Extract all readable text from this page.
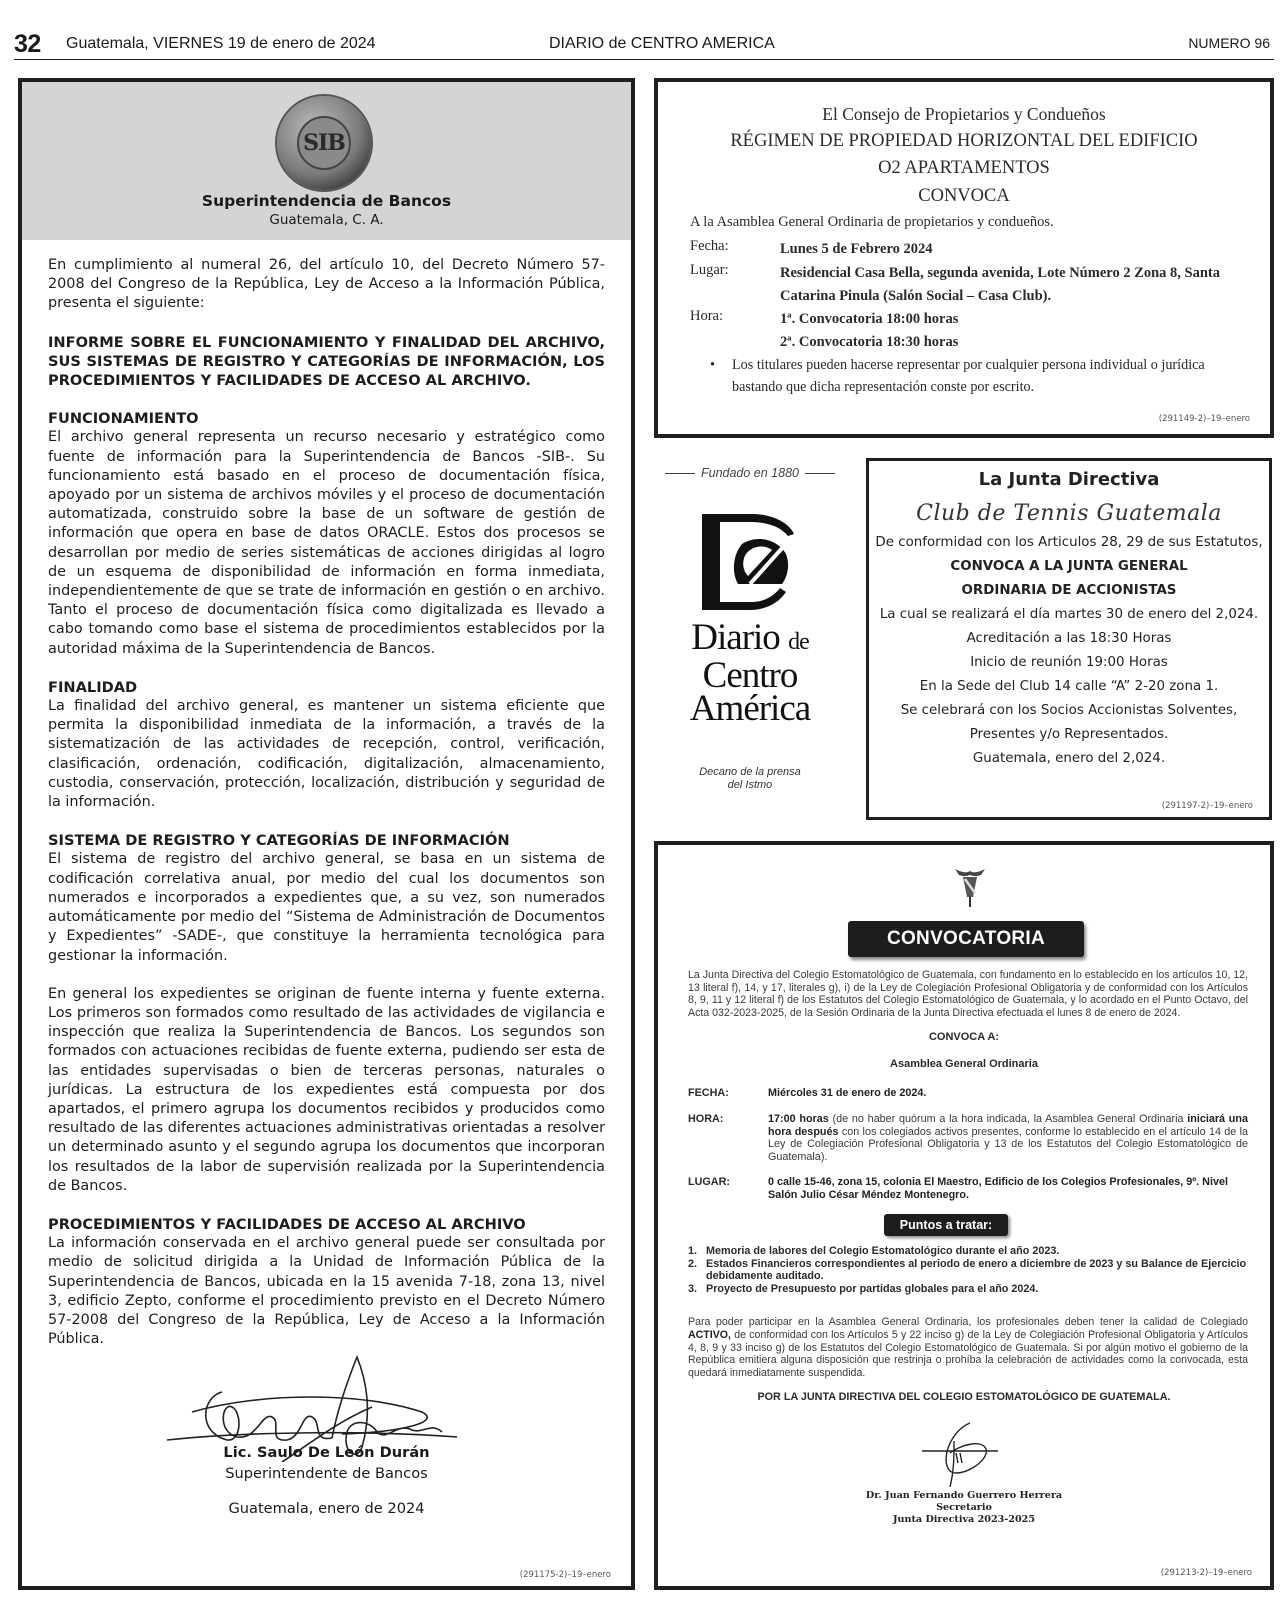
32 Guatemala, VIERNES 19 de enero de 2024	DIARIO de CENTRO AMERICA	NUMERO 96
SIB
Superintendencia de Bancos
Guatemala, C. A.

En cumplimiento al numeral 26, del artículo 10, del Decreto Número 57-2008 del Congreso de la República, Ley de Acceso a la Información Pública, presenta el siguiente:

INFORME SOBRE EL FUNCIONAMIENTO Y FINALIDAD DEL ARCHIVO, SUS SISTEMAS DE REGISTRO Y CATEGORÍAS DE INFORMACIÓN, LOS PROCEDIMIENTOS Y FACILIDADES DE ACCESO AL ARCHIVO.

FUNCIONAMIENTO

El archivo general representa un recurso necesario y estratégico como fuente de información para la Superintendencia de Bancos -SIB-. Su funcionamiento está basado en el proceso de documentación física, apoyado por un sistema de archivos móviles y el proceso de documentación automatizada, construido sobre la base de un software de gestión de información que opera en base de datos ORACLE. Estos dos procesos se desarrollan por medio de series sistemáticas de acciones dirigidas al logro de un esquema de disponibilidad de información en forma inmediata, independientemente de que se trate de información en gestión o en archivo. Tanto el proceso de documentación física como digitalizada es llevado a cabo tomando como base el sistema de procedimientos establecidos por la autoridad máxima de la Superintendencia de Bancos.

FINALIDAD

La finalidad del archivo general, es mantener un sistema eficiente que permita la disponibilidad inmediata de la información, a través de la sistematización de las actividades de recepción, control, verificación, clasificación, ordenación, codificación, digitalización, almacenamiento, custodia, conservación, protección, localización, distribución y seguridad de la información.

SISTEMA DE REGISTRO Y CATEGORÍAS DE INFORMACIÓN

El sistema de registro del archivo general, se basa en un sistema de codificación correlativa anual, por medio del cual los documentos son numerados e incorporados a expedientes que, a su vez, son numerados automáticamente por medio del “Sistema de Administración de Documentos y Expedientes” -SADE-, que constituye la herramienta tecnológica para gestionar la información.

En general los expedientes se originan de fuente interna y fuente externa. Los primeros son formados como resultado de las actividades de vigilancia e inspección que realiza la Superintendencia de Bancos. Los segundos son formados con actuaciones recibidas de fuente externa, pudiendo ser esta de las entidades supervisadas o bien de terceras personas, naturales o jurídicas. La estructura de los expedientes está compuesta por dos apartados, el primero agrupa los documentos recibidos y producidos como resultado de las diferentes actuaciones administrativas orientadas a resolver un determinado asunto y el segundo agrupa los documentos que incorporan los resultados de la labor de supervisión realizada por la Superintendencia de Bancos.

PROCEDIMIENTOS Y FACILIDADES DE ACCESO AL ARCHIVO

La información conservada en el archivo general puede ser consultada por medio de solicitud dirigida a la Unidad de Información Pública de la Superintendencia de Bancos, ubicada en la 15 avenida 7-18, zona 13, nivel 3, edificio Zepto, conforme el procedimiento previsto en el Decreto Número 57-2008 del Congreso de la República, Ley de Acceso a la Información Pública.

Lic. Saulo De León Durán
Superintendente de Bancos
Guatemala, enero de 2024
(291175-2)–19–enero
El Consejo de Propietarios y Condueños
RÉGIMEN DE PROPIEDAD HORIZONTAL DEL EDIFICIO
O2 APARTAMENTOS
CONVOCA
A la Asamblea General Ordinaria de propietarios y condueños.
Fecha:	Lunes 5 de Febrero 2024
Lugar:	Residencial Casa Bella, segunda avenida, Lote Número 2 Zona 8, Santa Catarina Pinula (Salón Social – Casa Club).
Hora:	1ª. Convocatoria 18:00 horas
2ª. Convocatoria 18:30 horas
• Los titulares pueden hacerse representar por cualquier persona individual o jurídica bastando que dicha representación conste por escrito.
(291149-2)–19–enero
Fundado en 1880
Diario de
Centro
América
Decano de la prensa
del Istmo
La Junta Directiva
Club de Tennis Guatemala
De conformidad con los Articulos 28, 29 de sus Estatutos,
CONVOCA A LA JUNTA GENERAL
ORDINARIA DE ACCIONISTAS
La cual se realizará el día martes 30 de enero del 2,024.
Acreditación a las 18:30 Horas
Inicio de reunión 19:00 Horas
En la Sede del Club 14 calle “A” 2-20 zona 1.
Se celebrará con los Socios Accionistas Solventes,
Presentes y/o Representados.
Guatemala, enero del 2,024.
(291197-2)–19–enero
CONVOCATORIA
La Junta Directiva del Colegio Estomatológico de Guatemala, con fundamento en lo establecido en los artículos 10, 12, 13 literal f), 14, y 17, literales g), i) de la Ley de Colegiación Profesional Obligatoria y de conformidad con los Artículos 8, 9, 11 y 12 literal f) de los Estatutos del Colegio Estomatológico de Guatemala, y lo acordado en el Punto Octavo, del Acta 032-2023-2025, de la Sesión Ordinaria de la Junta Directiva efectuada el lunes 8 de enero de 2024.
CONVOCA A:
Asamblea General Ordinaria
FECHA:	Miércoles 31 de enero de 2024.
HORA:	17:00 horas (de no haber quórum a la hora indicada, la Asamblea General Ordinaria iniciará una hora después con los colegiados activos presentes, conforme lo establecido en el artículo 14 de la Ley de Colegiación Profesional Obligatoria y 13 de los Estatutos del Colegio Estomatológico de Guatemala).
LUGAR:	0 calle 15-46, zona 15, colonia El Maestro, Edificio de los Colegios Profesionales, 9º. Nivel Salón Julio César Méndez Montenegro.
Puntos a tratar:
1. Memoria de labores del Colegio Estomatológico durante el año 2023.
2. Estados Financieros correspondientes al periodo de enero a diciembre de 2023 y su Balance de Ejercicio debidamente auditado.
3. Proyecto de Presupuesto por partidas globales para el año 2024.
Para poder participar en la Asamblea General Ordinaria, los profesionales deben tener la calidad de Colegiado ACTIVO, de conformidad con los Artículos 5 y 22 inciso g) de la Ley de Colegiación Profesional Obligatoria y Artículos 4, 8, 9 y 33 inciso g) de los Estatutos del Colegio Estomatológico de Guatemala. Si por algún motivo el gobierno de la República emitiera alguna disposición que restrinja o prohíba la celebración de actividades como la convocada, esta quedará inmediatamente suspendida.
POR LA JUNTA DIRECTIVA DEL COLEGIO ESTOMATOLÓGICO DE GUATEMALA.
Dr. Juan Fernando Guerrero Herrera
Secretario
Junta Directiva 2023-2025
(291213-2)–19–enero
